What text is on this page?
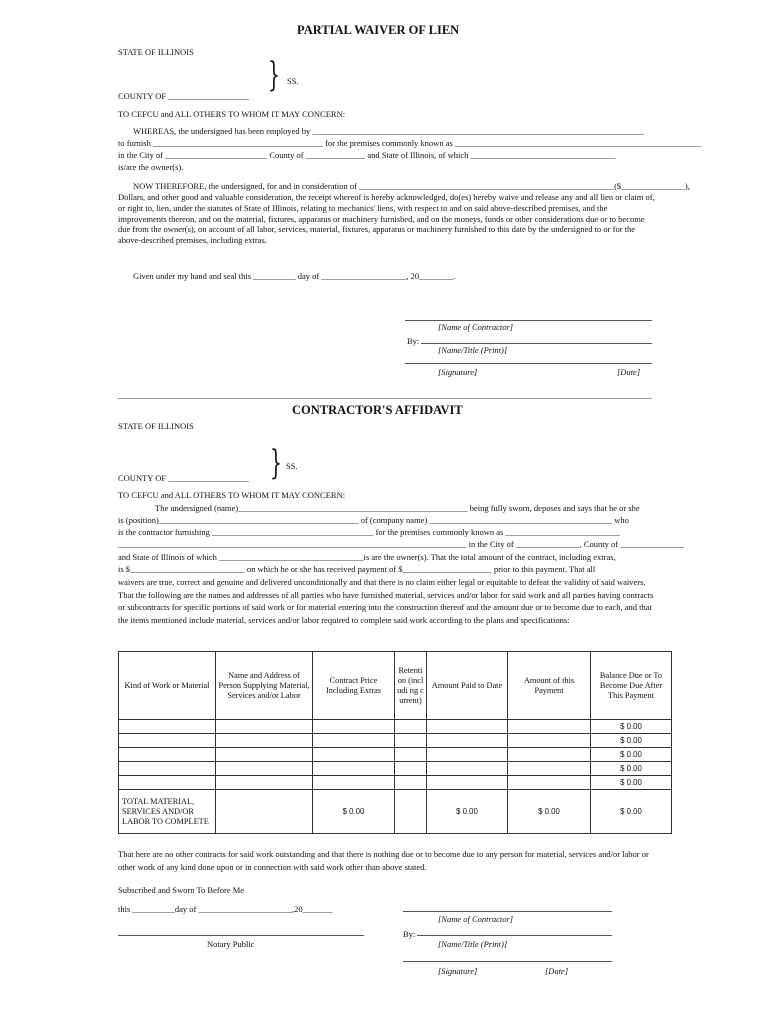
PARTIAL WAIVER OF LIEN
STATE OF ILLINOIS
} SS.
COUNTY OF ___________________
TO CEFCU and ALL OTHERS TO WHOM IT MAY CONCERN:
WHEREAS, the undersigned has been employed by ______________________________________________________________________________
to furnish ________________________________________ for the premises commonly known as __________________________________________________________
in the City of ________________________ County of ______________ and State of Illinois, of which __________________________________
is/are the owner(s).
NOW THEREFORE, the undersigned, for and in consideration of ____________________________________________________________($_______________),
Dollars, and other good and valuable consideration, the receipt whereof is hereby acknowledged, do(es) hereby waive and release any and all lien or claim of, or right to, lien, under the statutes of State of Illinois, relating to mechanics' liens, with respect to and on said above-described premises, and the improvements thereon, and on the material, fixtures, apparatus or machinery furnished, and on the moneys, funds or other considerations due or to become due from the owner(s), on account of all labor, services, material, fixtures, apparatus or machinery furnished to this date by the undersigned to or for the above-described premises, including extras.
Given under my hand and seal this __________ day of ____________________, 20________.
[Name of Contractor]
By:
[Name/Title (Print)]
[Signature]	[Date]
CONTRACTOR'S AFFIDAVIT
STATE OF ILLINOIS
} SS.
COUNTY OF ___________________
TO CEFCU and ALL OTHERS TO WHOM IT MAY CONCERN:
The undersigned (name)______________________________________________________ being fully sworn, deposes and says that he or she
is (position)_______________________________________________ of (company name) ___________________________________________ who
is the contractor furnishing ______________________________________ for the premises commonly known as ___________________________
__________________________________________________________________________________ in the City of _______________, County of _______________
and State of Illinois of which __________________________________is are the owner(s). That the total amount of the contract, including extras,
is $___________________________ on which he or she has received payment of $_____________________ prior to this payment. That all
waivers are true, correct and genuine and delivered unconditionally and that there is no claim either legal or equitable to defeat the validity of said waivers. That the following are the names and addresses of all parties who have furnished material, services and/or labor for said work and all parties having contracts or subcontracts for specific portions of said work or for material entering into the construction thereof and the amount due or to become due to each, and that the items mentioned include material, services and/or labor required to complete said work according to the plans and specifications:
Kind of Work or Material	Name and Address of Person Supplying Material, Services and/or Labor	Contract Price Including Extras	Retenti on (includi ng current)	Amount Paid to Date	Amount of this Payment	Balance Due or To Become Due After This Payment
						$ 0.00
						$ 0.00
						$ 0.00
						$ 0.00
						$ 0.00
TOTAL MATERIAL, SERVICES AND/OR LABOR TO COMPLETE		$ 0.00		$ 0.00	$ 0.00	$ 0.00
That here are no other contracts for said work outstanding and that there is nothing due or to become due to any person for material, services and/or labor or other work of any kind done upon or in connection with said work other than above stated.
Subscribed and Sworn To Before Me
this __________day of ______________________,20_______
[Name of Contractor]
By:
Notary Public	[Name/Title (Print)]
[Signature]	[Date]
